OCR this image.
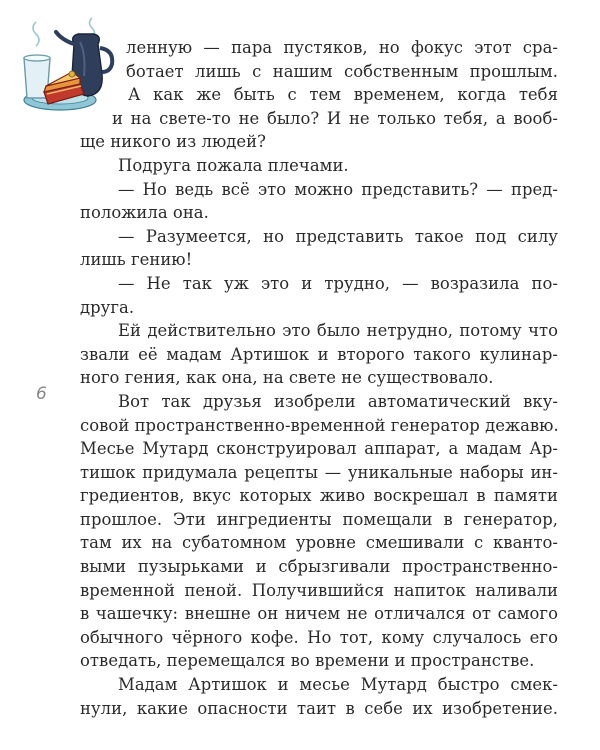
6
ленную — пара пустяков, но фокус этот сра-
ботает лишь с нашим собственным прошлым.
А как же быть с тем временем, когда тебя
и на свете-то не было? И не только тебя, а вооб-
ще никого из людей?
Подруга пожала плечами.
— Но ведь всё это можно представить? — пред-
положила она.
— Разумеется, но представить такое под силу
лишь гению!
— Не так уж это и трудно, — возразила по-
друга.
Ей действительно это было нетрудно, потому что
звали её мадам Артишок и второго такого кулинар-
ного гения, как она, на свете не существовало.
Вот так друзья изобрели автоматический вку-
совой пространственно-временной генератор дежавю.
Месье Мутард сконструировал аппарат, а мадам Ар-
тишок придумала рецепты — уникальные наборы ин-
гредиентов, вкус которых живо воскрешал в памяти
прошлое. Эти ингредиенты помещали в генератор,
там их на субатомном уровне смешивали с кванто-
выми пузырьками и сбрызгивали пространственно-
временной пеной. Получившийся напиток наливали
в чашечку: внешне он ничем не отличался от самого
обычного чёрного кофе. Но тот, кому случалось его
отведать, перемещался во времени и пространстве.
Мадам Артишок и месье Мутард быстро смек-
нули, какие опасности таит в себе их изобретение.
